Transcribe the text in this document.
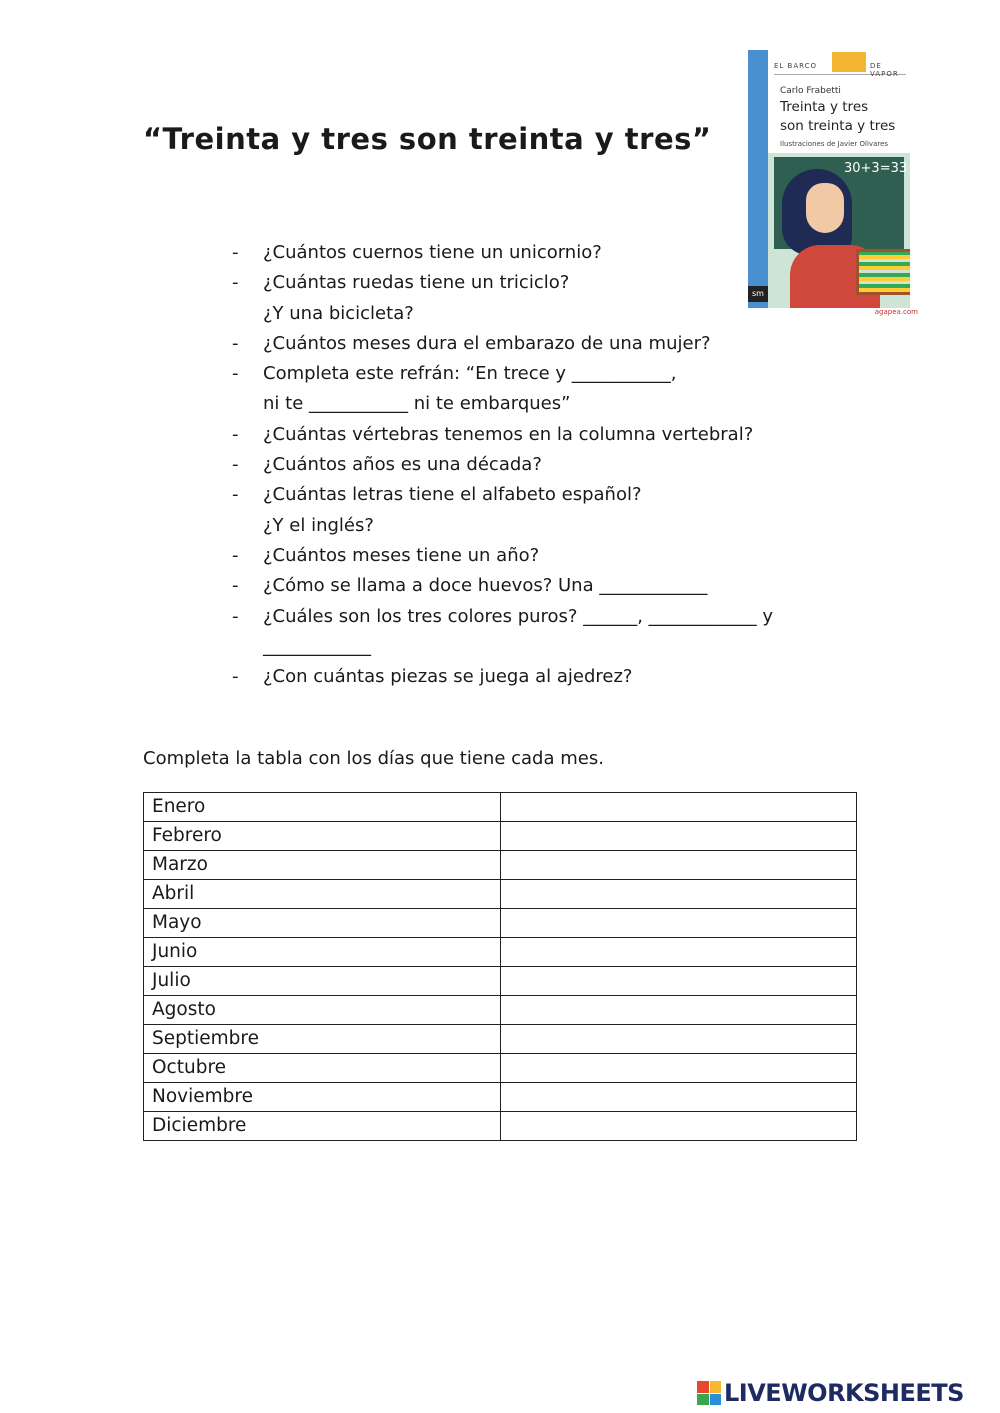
“Treinta y tres son treinta y tres”
EL BARCO	DE VAPOR
Carlo Frabetti
Treinta y tres
son treinta y tres
Ilustraciones de Javier Olivares
30+3=33
sm
agapea.com
- ¿Cuántos cuernos tiene un unicornio?
- ¿Cuántas ruedas tiene un triciclo?
¿Y una bicicleta?
- ¿Cuántos meses dura el embarazo de una mujer?
- Completa este refrán: “En trece y ___________,
ni te ___________ ni te embarques”
- ¿Cuántas vértebras tenemos en la columna vertebral?
- ¿Cuántos años es una década?
- ¿Cuántas letras tiene el alfabeto español?
¿Y el inglés?
- ¿Cuántos meses tiene un año?
- ¿Cómo se llama a doce huevos? Una ____________
- ¿Cuáles son los tres colores puros? ______, ____________ y
____________
- ¿Con cuántas piezas se juega al ajedrez?

Completa la tabla con los días que tiene cada mes.

Enero	
Febrero	
Marzo	
Abril	
Mayo	
Junio	
Julio	
Agosto	
Septiembre	
Octubre	
Noviembre	
Diciembre	
LIVEWORKSHEETS
